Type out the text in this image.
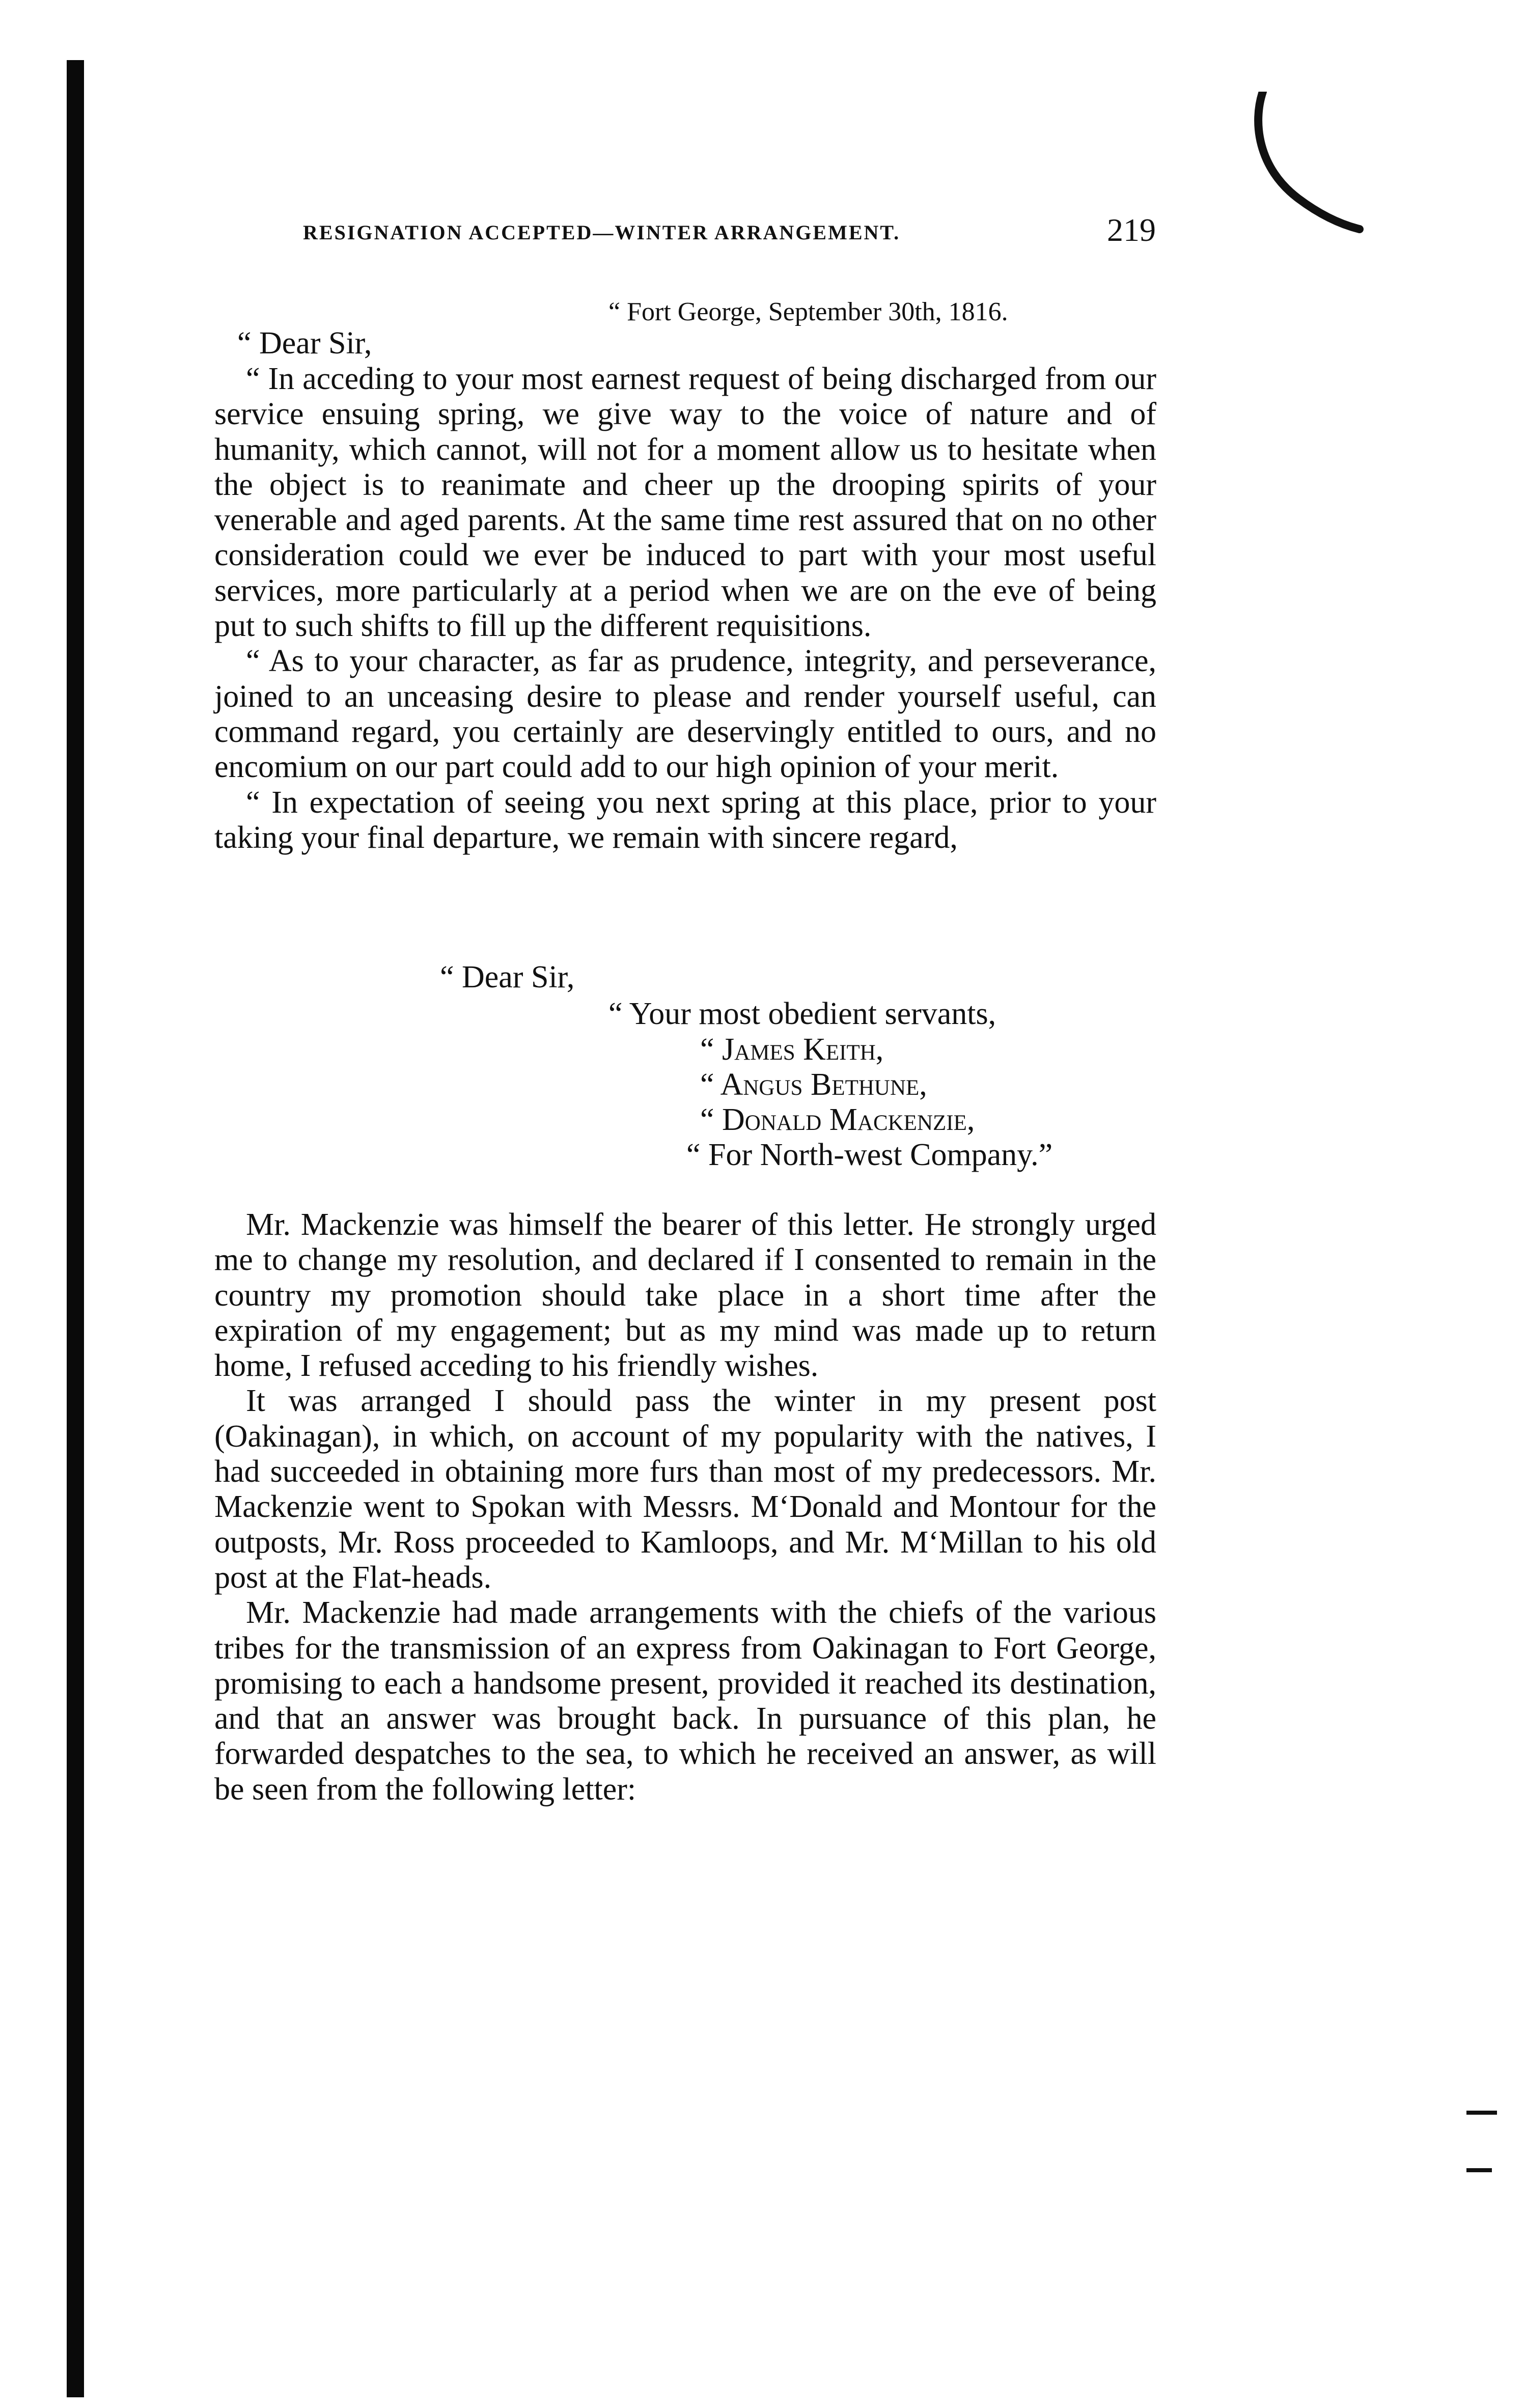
RESIGNATION ACCEPTED—WINTER ARRANGEMENT.	219
“ Fort George, September 30th, 1816.
“ Dear Sir,

“ In acceding to your most earnest request of being discharged from our service ensuing spring, we give way to the voice of nature and of humanity, which cannot, will not for a moment allow us to hesitate when the object is to reanimate and cheer up the drooping spirits of your venerable and aged parents. At the same time rest assured that on no other consideration could we ever be induced to part with your most useful services, more particularly at a period when we are on the eve of being put to such shifts to fill up the different requisitions.

“ As to your character, as far as prudence, integrity, and perseverance, joined to an unceasing desire to please and render yourself useful, can command regard, you certainly are deservingly entitled to ours, and no encomium on our part could add to our high opinion of your merit.

“ In expectation of seeing you next spring at this place, prior to your taking your final departure, we remain with sincere regard,

“ Dear Sir,
“ Your most obedient servants,
“ James Keith,
“ Angus Bethune,
“ Donald Mackenzie,
“ For North-west Company.”

Mr. Mackenzie was himself the bearer of this letter. He strongly urged me to change my resolution, and declared if I consented to remain in the country my promotion should take place in a short time after the expiration of my engagement; but as my mind was made up to return home, I refused acceding to his friendly wishes.

It was arranged I should pass the winter in my present post (Oakinagan), in which, on account of my popularity with the natives, I had succeeded in obtaining more furs than most of my predecessors. Mr. Mackenzie went to Spokan with Messrs. M‘Donald and Montour for the outposts, Mr. Ross proceeded to Kamloops, and Mr. M‘Millan to his old post at the Flat-heads.

Mr. Mackenzie had made arrangements with the chiefs of the various tribes for the transmission of an express from Oakinagan to Fort George, promising to each a handsome present, provided it reached its destination, and that an answer was brought back. In pursuance of this plan, he forwarded despatches to the sea, to which he received an answer, as will be seen from the following letter:
